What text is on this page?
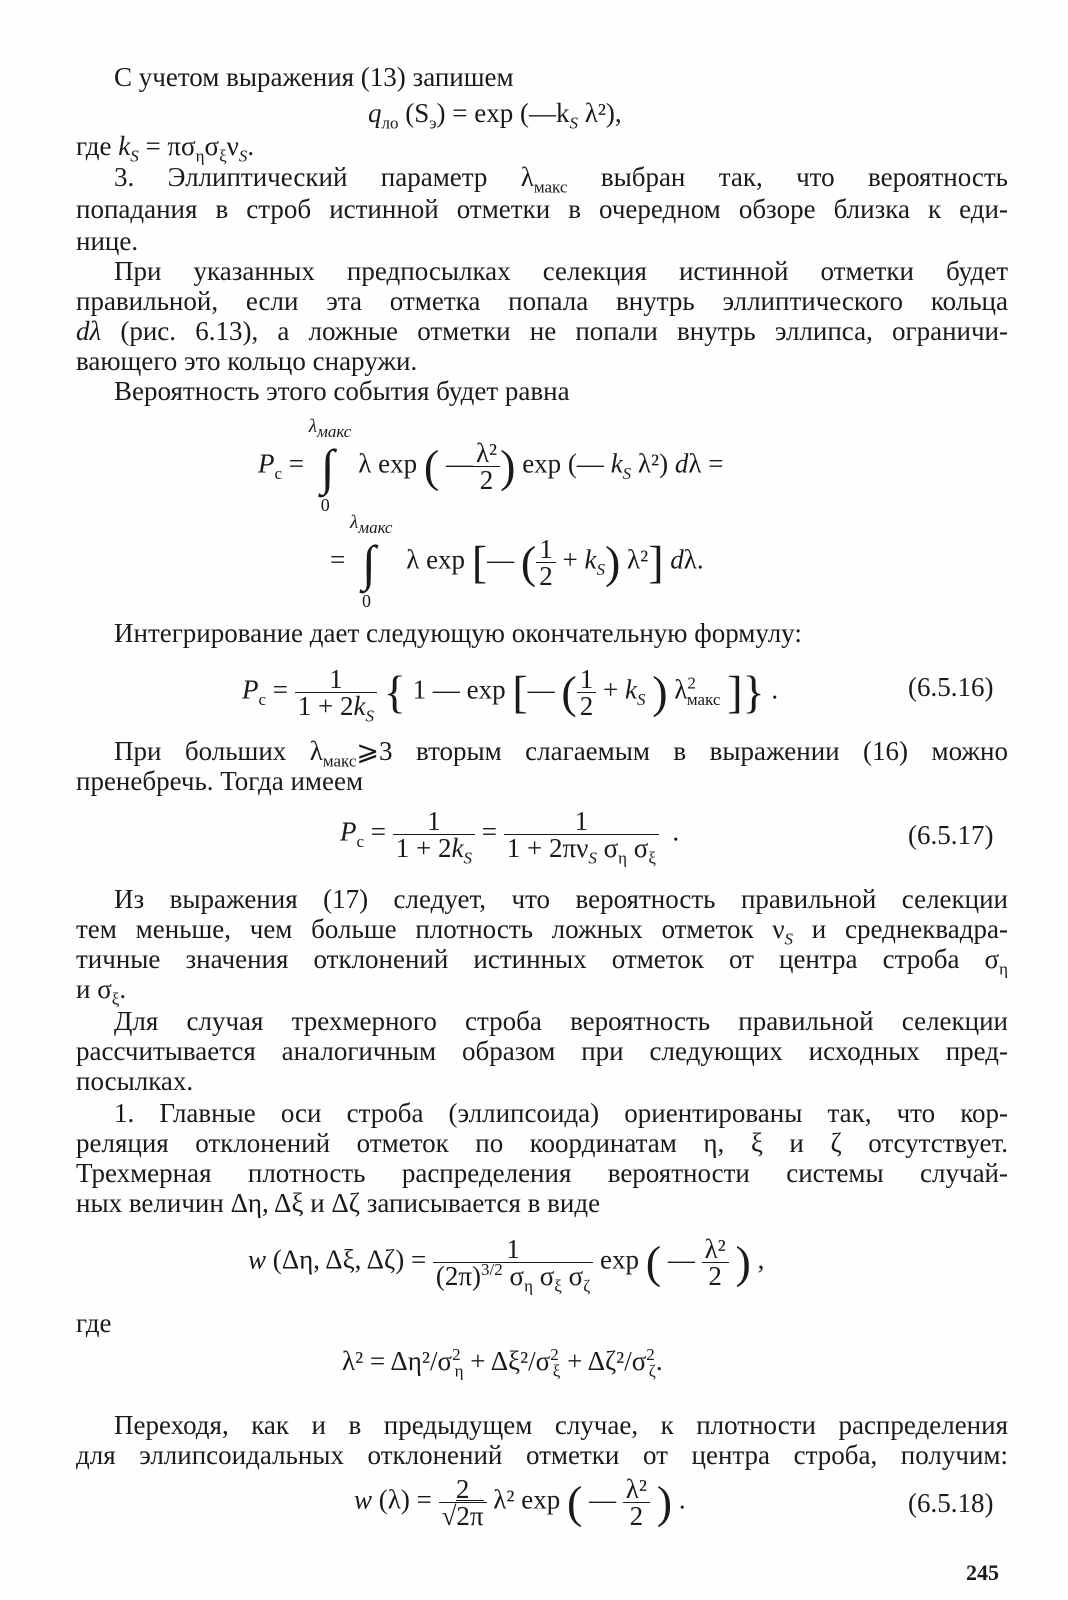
С учетом выражения (13) запишем

$q_{ло}$ $(S_э) = \exp$ ($—k_S$ λ²),

где $k_S = \pi\sigma_\eta\sigma_\xi\nu_S$.

3. Эллиптический параметр $\lambda_{макс}$ выбран так, что вероятность

попадания в строб истинной отметки в очередном обзоре близка к еди-

нице.

При указанных предпосылках селекция истинной отметки будет

правильной, если эта отметка попала внутрь эллиптического кольца

dλ (рис. 6.13), а ложные отметки не попали внутрь эллипса, ограничи-

вающего это кольцо снаружи.

Вероятность этого события будет равна

$P_с$ =
$\lambda_{макс}$
∫
0
λ exp ( — $\frac{\text{λ²}}{2}$ ) exp (— $k_S$ λ²) dλ =
=
$\lambda_{макс}$
∫
0
λ exp [— ( $\frac{1}{2} + k_S$) λ²] dλ.

Интегрирование дает следующую окончательную формулу:

$P_с = \frac{1}{1 + 2k_S}$ { 1 — exp [— ( $\frac{1}{2} + k_S$ ) $\lambda^2_{макс}$ ]} .	(6.5.16)

При больших $\lambda_{макс}⩾3$ вторым слагаемым в выражении (16) можно

пренебречь. Тогда имеем

$P_с = \frac{1}{1 + 2k_S} = \frac{1}{1 + 2\pi\nu_S \sigma_\eta \sigma_\xi}$ .	(6.5.17)

Из выражения (17) следует, что вероятность правильной селекции

тем меньше, чем больше плотность ложных отметок $\nu_S$ и среднеквадра-

тичные значения отклонений истинных отметок от центра строба $\sigma_\eta$

и $\sigma_\xi$.

Для случая трехмерного строба вероятность правильной селекции

рассчитывается аналогичным образом при следующих исходных пред-

посылках.

1. Главные оси строба (эллипсоида) ориентированы так, что кор-

реляция отклонений отметок по координатам η, ξ и ζ отсутствует.

Трехмерная плотность распределения вероятности системы случай-

ных величин Δη, Δξ и Δζ записывается в виде

w (Δη, Δξ, $\Delta\zeta) = \frac{1}{(2\pi)^{3/2} \sigma_\eta \sigma_\xi \sigma_\zeta}$ exp ( — $\frac{\text{λ²}}{2}$ ) ,

где

λ² = Δη²/$\sigma^2_\eta + \Delta\xi^2/\sigma^2_\xi + \Delta\zeta^2/\sigma^2_\zeta$.

Переходя, как и в предыдущем случае, к плотности распределения

для эллипсоидальных отклонений отметки от центра строба, получим:

w $(\lambda) = \frac{2}{√2\pi} \lambda^2$ exp ( — $\frac{\text{λ²}}{2}$ ) .	(6.5.18)
245
